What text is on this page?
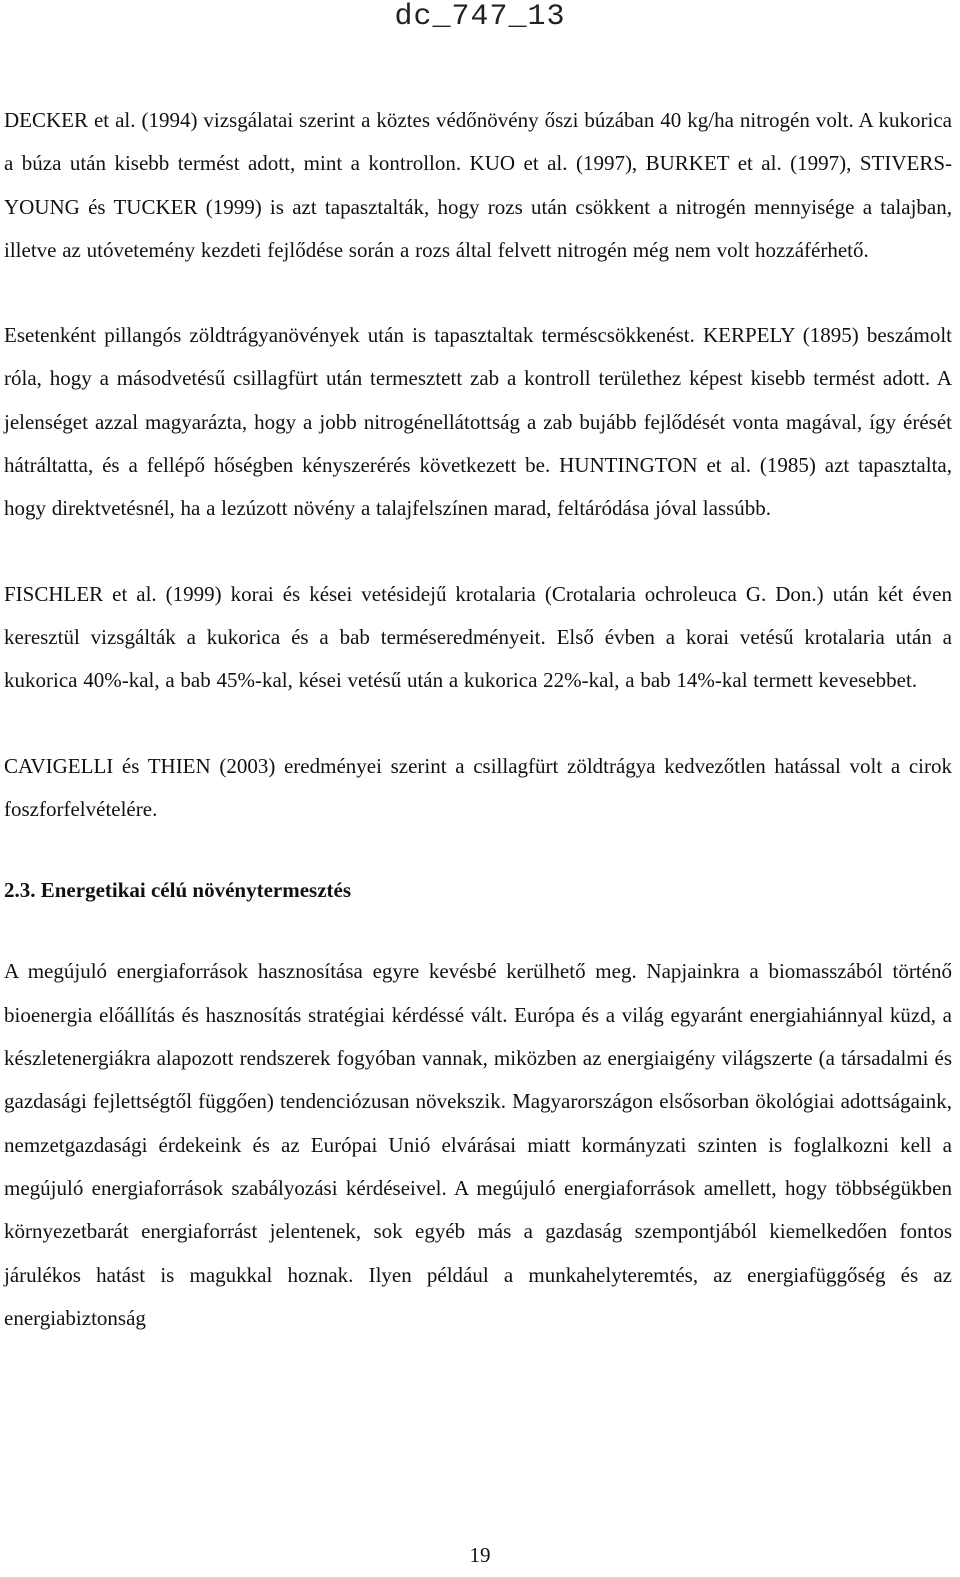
dc_747_13

DECKER et al. (1994) vizsgálatai szerint a köztes védőnövény őszi búzában 40 kg/ha nitrogén volt. A kukorica a búza után kisebb termést adott, mint a kontrollon. KUO et al. (1997), BURKET et al. (1997), STIVERS-YOUNG és TUCKER (1999) is azt tapasztalták, hogy rozs után csökkent a nitrogén mennyisége a talajban, illetve az utóvetemény kezdeti fejlődése során a rozs által felvett nitrogén még nem volt hozzáférhető.

Esetenként pillangós zöldtrágyanövények után is tapasztaltak terméscsökkenést. KERPELY (1895) beszámolt róla, hogy a másodvetésű csillagfürt után termesztett zab a kontroll területhez képest kisebb termést adott. A jelenséget azzal magyarázta, hogy a jobb nitrogénellátottság a zab bujább fejlődését vonta magával, így érését hátráltatta, és a fellépő hőségben kényszerérés következett be. HUNTINGTON et al. (1985) azt tapasztalta, hogy direktvetésnél, ha a lezúzott növény a talajfelszínen marad, feltáródása jóval lassúbb.

FISCHLER et al. (1999) korai és kései vetésidejű krotalaria (Crotalaria ochroleuca G. Don.) után két éven keresztül vizsgálták a kukorica és a bab terméseredményeit. Első évben a korai vetésű krotalaria után a kukorica 40%-kal, a bab 45%-kal, kései vetésű után a kukorica 22%-kal, a bab 14%-kal termett kevesebbet.

CAVIGELLI és THIEN (2003) eredményei szerint a csillagfürt zöldtrágya kedvezőtlen hatással volt a cirok foszforfelvételére.

2.3. Energetikai célú növénytermesztés

A megújuló energiaforrások hasznosítása egyre kevésbé kerülhető meg. Napjainkra a biomasszából történő bioenergia előállítás és hasznosítás stratégiai kérdéssé vált. Európa és a világ egyaránt energiahiánnyal küzd, a készletenergiákra alapozott rendszerek fogyóban vannak, miközben az energiaigény világszerte (a társadalmi és gazdasági fejlettségtől függően) tendenciózusan növekszik. Magyarországon elsősorban ökológiai adottságaink, nemzetgazdasági érdekeink és az Európai Unió elvárásai miatt kormányzati szinten is foglalkozni kell a megújuló energiaforrások szabályozási kérdéseivel. A megújuló energiaforrások amellett, hogy többségükben környezetbarát energiaforrást jelentenek, sok egyéb más a gazdaság szempontjából kiemelkedően fontos járulékos hatást is magukkal hoznak. Ilyen például a munkahelyteremtés, az energiafüggőség és az energiabiztonság

19
